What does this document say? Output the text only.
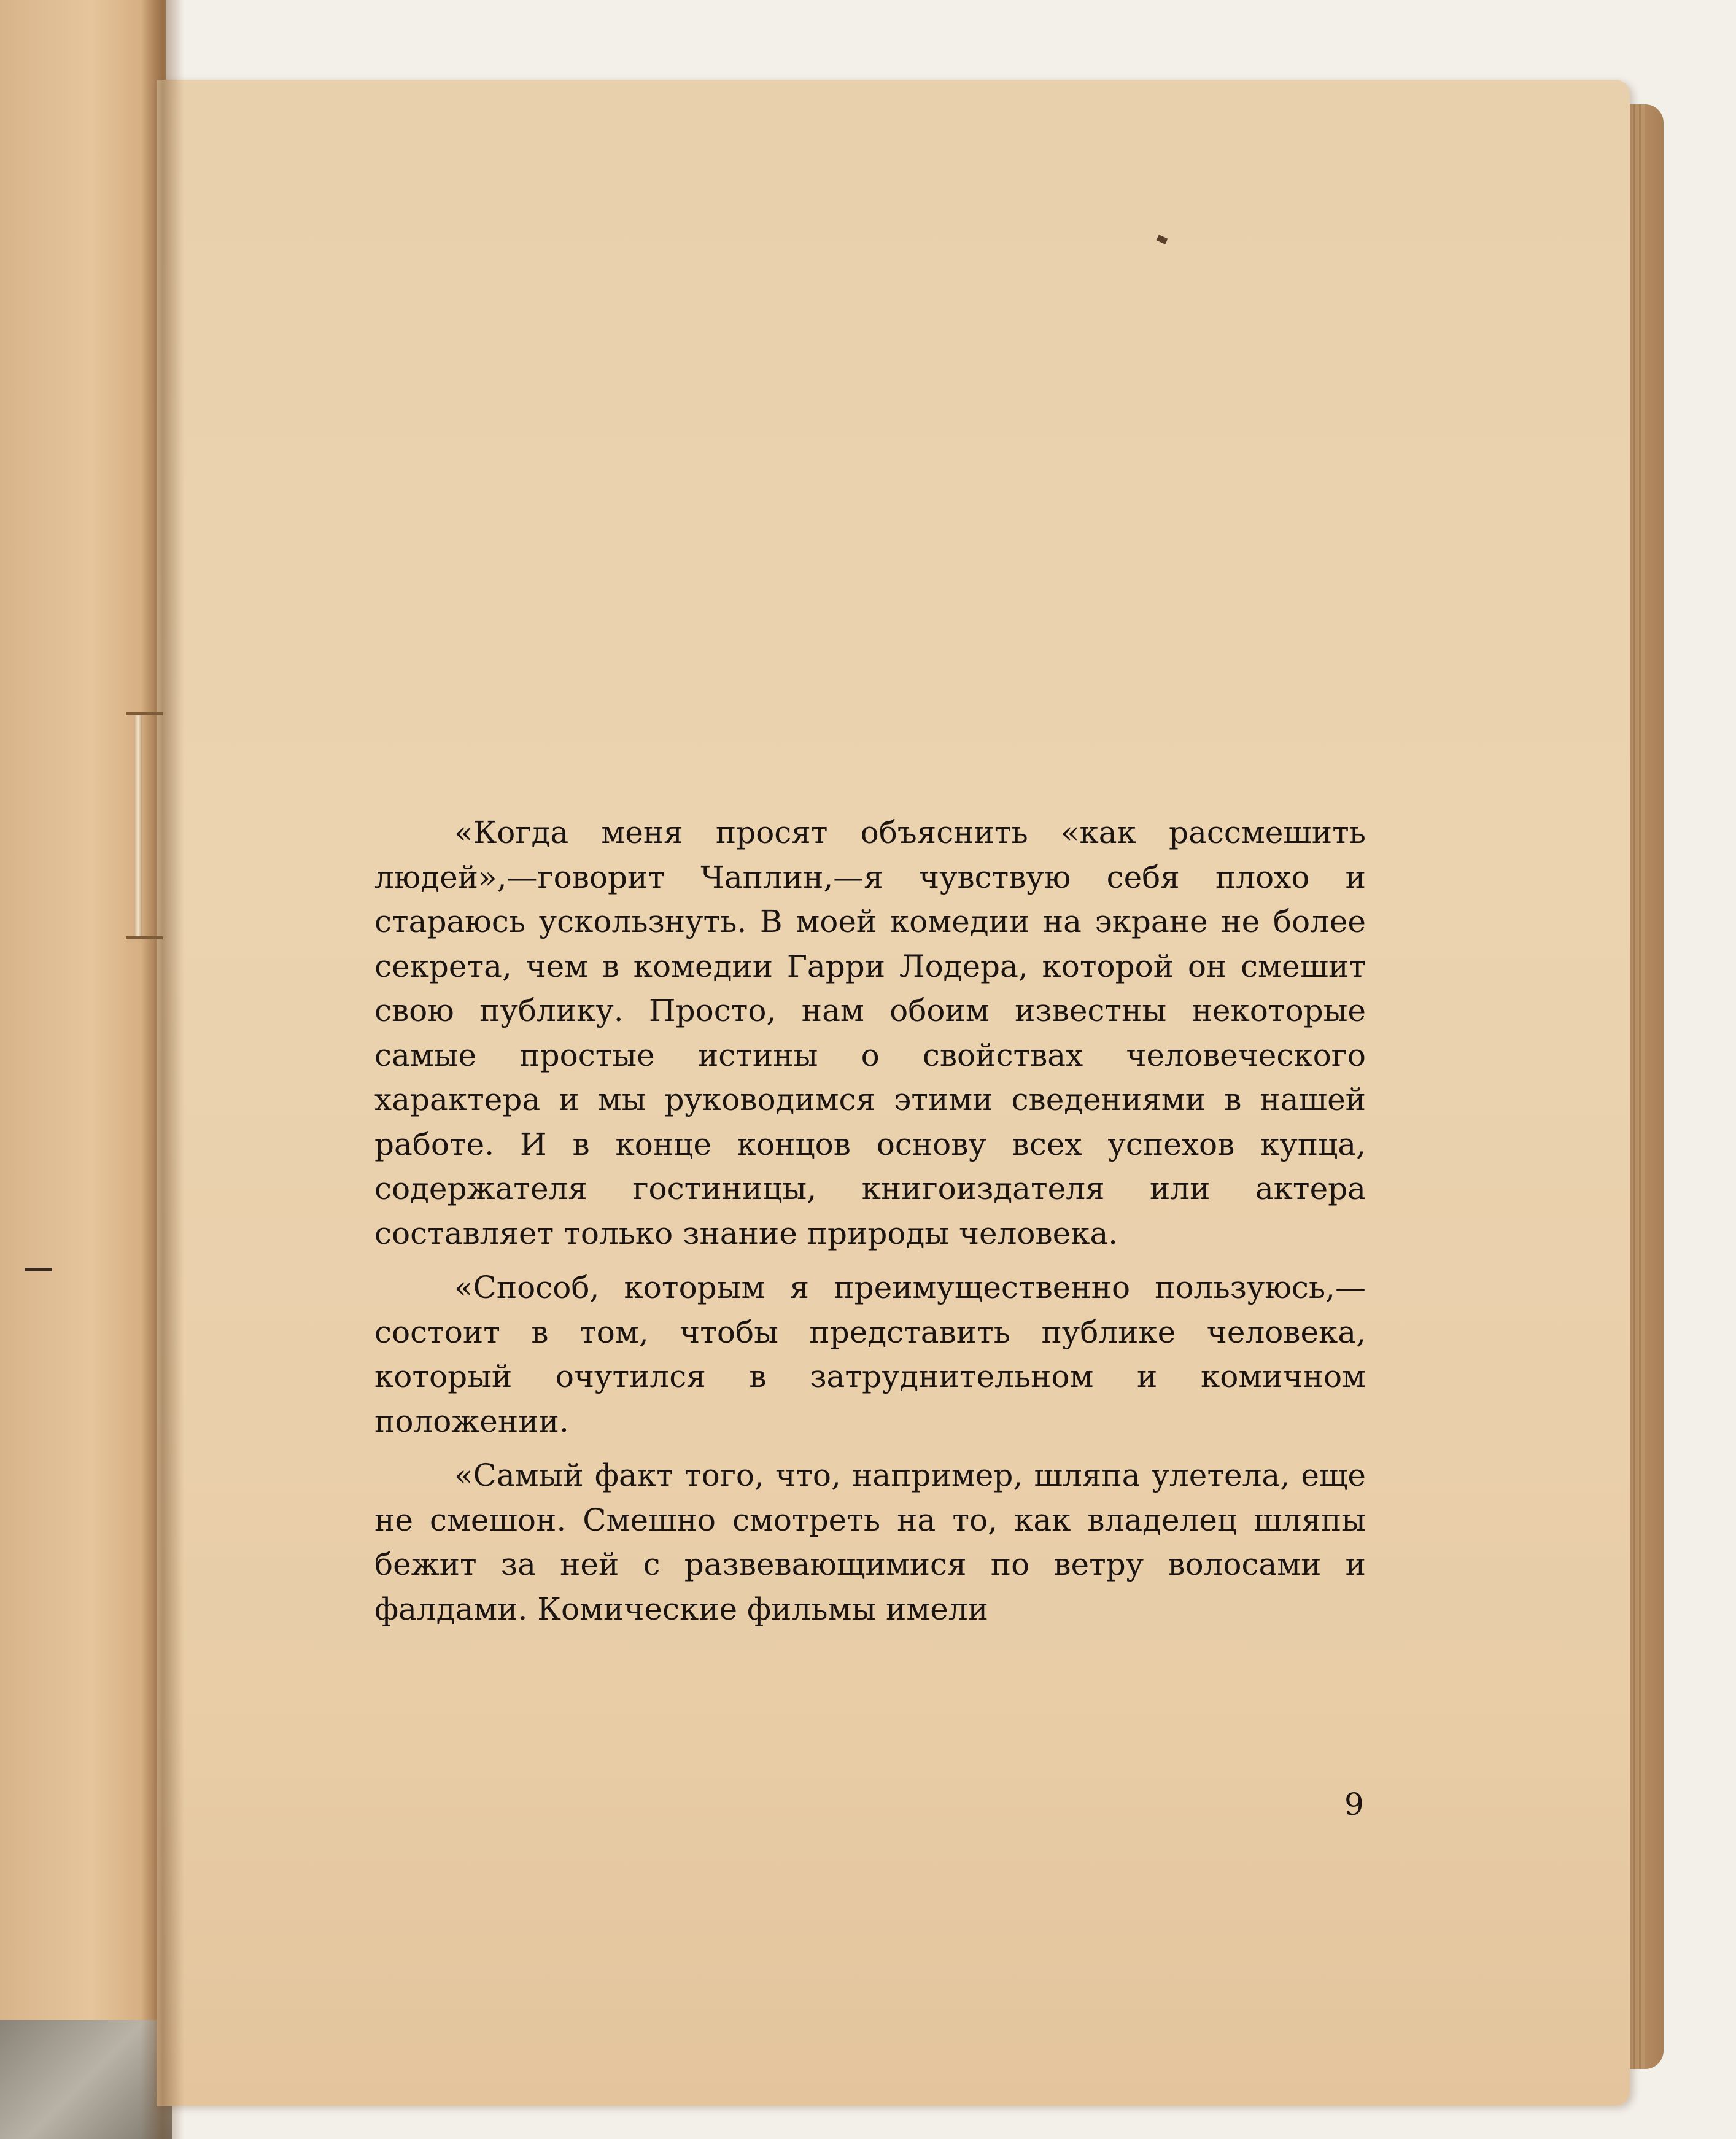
«Когда меня просят объяснить «как рассмешить людей»,—говорит Чаплин,—я чувствую себя плохо и стараюсь ускользнуть. В моей комедии на экране не более секрета, чем в комедии Гарри Лодера, которой он смешит свою публику. Просто, нам обоим известны некоторые самые простые истины о свойствах человеческого характера и мы руководимся этими сведениями в нашей работе. И в конце концов основу всех успехов купца, содержателя гостиницы, книгоиздателя или актера составляет только знание природы человека.

«Способ, которым я преимущественно пользуюсь,— состоит в том, чтобы представить публике человека, который очутился в затруднительном и комичном положении.

«Самый факт того, что, например, шляпа улетела, еще не смешон. Смешно смотреть на то, как владелец шляпы бежит за ней с развевающимися по ветру волосами и фалдами. Комические фильмы имели

9
